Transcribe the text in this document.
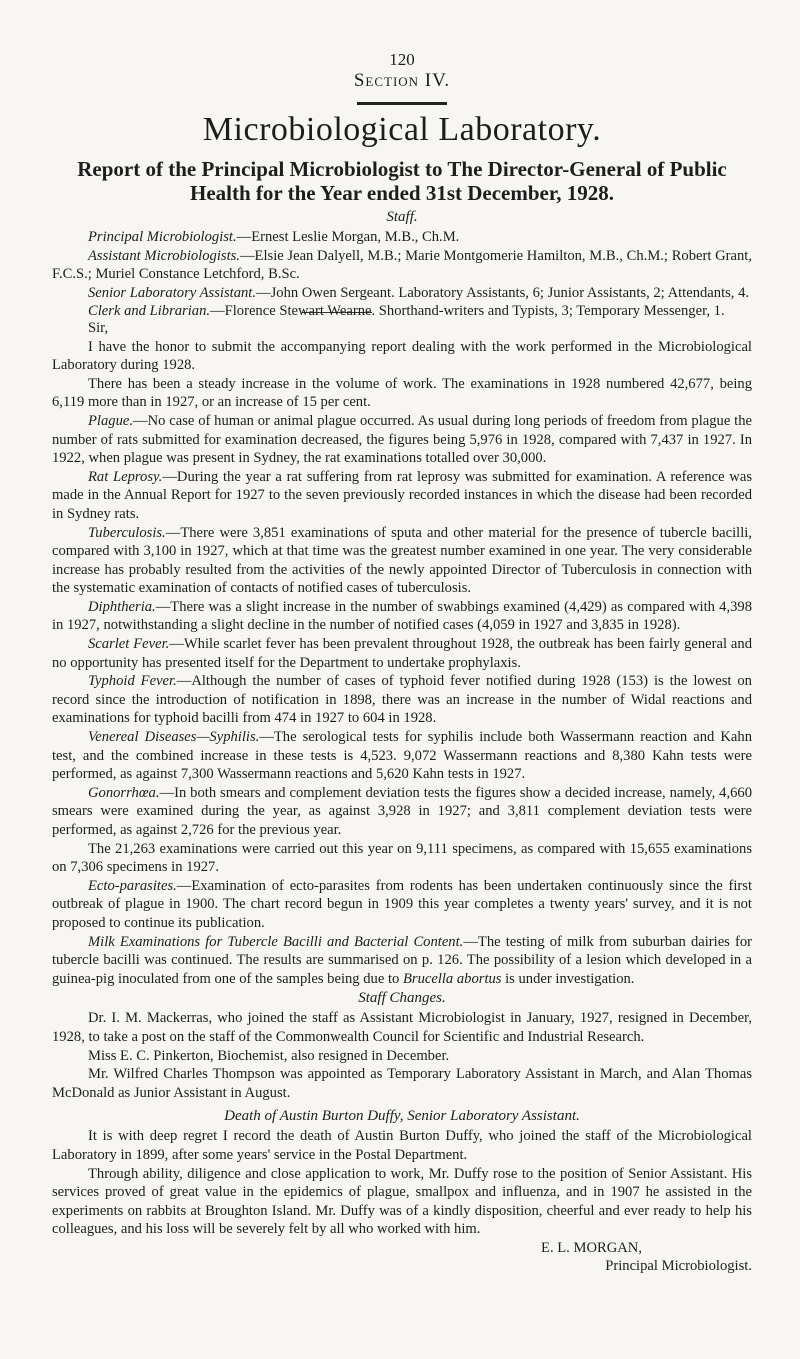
120
Section IV.
Microbiological Laboratory.
Report of the Principal Microbiologist to The Director-General of Public Health for the Year ended 31st December, 1928.
Staff.

Principal Microbiologist.—Ernest Leslie Morgan, M.B., Ch.M.

Assistant Microbiologists.—Elsie Jean Dalyell, M.B.; Marie Montgomerie Hamilton, M.B., Ch.M.; Robert Grant, F.C.S.; Muriel Constance Letchford, B.Sc.

Senior Laboratory Assistant.—John Owen Sergeant. Laboratory Assistants, 6; Junior Assistants, 2; Attendants, 4.

Clerk and Librarian.—Florence Stewart Wearne. Shorthand-writers and Typists, 3; Temporary Messenger, 1.

Sir,

I have the honor to submit the accompanying report dealing with the work performed in the Microbiological Laboratory during 1928.

There has been a steady increase in the volume of work. The examinations in 1928 numbered 42,677, being 6,119 more than in 1927, or an increase of 15 per cent.

Plague.—No case of human or animal plague occurred. As usual during long periods of freedom from plague the number of rats submitted for examination decreased, the figures being 5,976 in 1928, compared with 7,437 in 1927. In 1922, when plague was present in Sydney, the rat examinations totalled over 30,000.

Rat Leprosy.—During the year a rat suffering from rat leprosy was submitted for examination. A reference was made in the Annual Report for 1927 to the seven previously recorded instances in which the disease had been recorded in Sydney rats.

Tuberculosis.—There were 3,851 examinations of sputa and other material for the presence of tubercle bacilli, compared with 3,100 in 1927, which at that time was the greatest number examined in one year. The very considerable increase has probably resulted from the activities of the newly appointed Director of Tuberculosis in connection with the systematic examination of contacts of notified cases of tuberculosis.

Diphtheria.—There was a slight increase in the number of swabbings examined (4,429) as compared with 4,398 in 1927, notwithstanding a slight decline in the number of notified cases (4,059 in 1927 and 3,835 in 1928).

Scarlet Fever.—While scarlet fever has been prevalent throughout 1928, the outbreak has been fairly general and no opportunity has presented itself for the Department to undertake prophylaxis.

Typhoid Fever.—Although the number of cases of typhoid fever notified during 1928 (153) is the lowest on record since the introduction of notification in 1898, there was an increase in the number of Widal reactions and examinations for typhoid bacilli from 474 in 1927 to 604 in 1928.

Venereal Diseases—Syphilis.—The serological tests for syphilis include both Wassermann reaction and Kahn test, and the combined increase in these tests is 4,523. 9,072 Wassermann reactions and 8,380 Kahn tests were performed, as against 7,300 Wassermann reactions and 5,620 Kahn tests in 1927.

Gonorrhœa.—In both smears and complement deviation tests the figures show a decided increase, namely, 4,660 smears were examined during the year, as against 3,928 in 1927; and 3,811 complement deviation tests were performed, as against 2,726 for the previous year.

The 21,263 examinations were carried out this year on 9,111 specimens, as compared with 15,655 examinations on 7,306 specimens in 1927.

Ecto-parasites.—Examination of ecto-parasites from rodents has been undertaken continuously since the first outbreak of plague in 1900. The chart record begun in 1909 this year completes a twenty years' survey, and it is not proposed to continue its publication.

Milk Examinations for Tubercle Bacilli and Bacterial Content.—The testing of milk from suburban dairies for tubercle bacilli was continued. The results are summarised on p. 126. The possibility of a lesion which developed in a guinea-pig inoculated from one of the samples being due to Brucella abortus is under investigation.

Staff Changes.

Dr. I. M. Mackerras, who joined the staff as Assistant Microbiologist in January, 1927, resigned in December, 1928, to take a post on the staff of the Commonwealth Council for Scientific and Industrial Research.

Miss E. C. Pinkerton, Biochemist, also resigned in December.

Mr. Wilfred Charles Thompson was appointed as Temporary Laboratory Assistant in March, and Alan Thomas McDonald as Junior Assistant in August.

Death of Austin Burton Duffy, Senior Laboratory Assistant.

It is with deep regret I record the death of Austin Burton Duffy, who joined the staff of the Microbiological Laboratory in 1899, after some years' service in the Postal Department.

Through ability, diligence and close application to work, Mr. Duffy rose to the position of Senior Assistant. His services proved of great value in the epidemics of plague, smallpox and influenza, and in 1907 he assisted in the experiments on rabbits at Broughton Island. Mr. Duffy was of a kindly disposition, cheerful and ever ready to help his colleagues, and his loss will be severely felt by all who worked with him.

E. L. MORGAN,
Principal Microbiologist.
